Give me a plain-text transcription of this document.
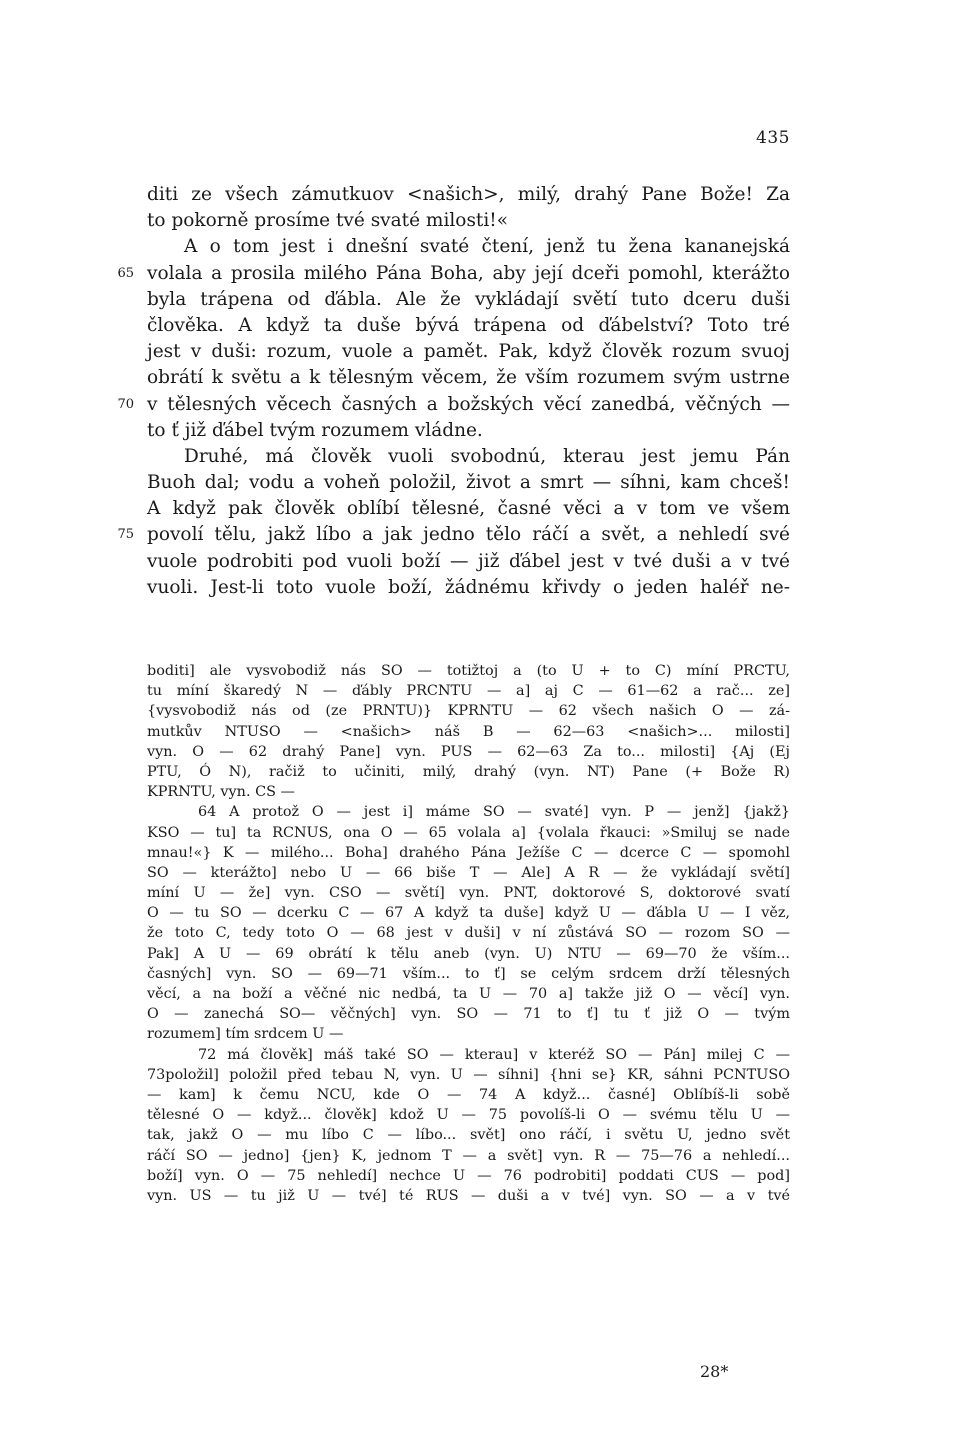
435
diti ze všech zámutkuov <našich>, milý, drahý Pane Bože! Za
to pokorně prosíme tvé svaté milosti!«
A o tom jest i dnešní svaté čtení, jenž tu žena kananejská
volala a prosila milého Pána Boha, aby její dceři pomohl, kterážto
65
byla trápena od ďábla. Ale že vykládají světí tuto dceru duši
člověka. A když ta duše bývá trápena od ďábelství? Toto tré
jest v duši: rozum, vuole a pamět. Pak, když člověk rozum svuoj
obrátí k světu a k tělesným věcem, že vším rozumem svým ustrne
v tělesných věcech časných a božských věcí zanedbá, věčných —
70
to ť již ďábel tvým rozumem vládne.
Druhé, má člověk vuoli svobodnú, kterau jest jemu Pán
Buoh dal; vodu a voheň položil, život a smrt — síhni, kam chceš!
A když pak člověk oblíbí tělesné, časné věci a v tom ve všem
povolí tělu, jakž líbo a jak jedno tělo ráčí a svět, a nehledí své
75
vuole podrobiti pod vuoli boží — již ďábel jest v tvé duši a v tvé
vuoli. Jest-li toto vuole boží, žádnému křivdy o jeden haléř ne-
boditi] ale vysvobodiž nás SO — totižtoj a (to U + to C) míní PRCTU,
tu míní škaredý N — ďábly PRCNTU — a] aj C — 61—62 a rač... ze]
{vysvobodiž nás od (ze PRNTU)} KPRNTU — 62 všech našich O — zá-
mutkův NTUSO — <našich> náš B — 62—63 <našich>... milosti]
vyn. O — 62 drahý Pane] vyn. PUS — 62—63 Za to... milosti] {Aj (Ej
PTU, Ó N), račiž to učiniti, milý, drahý (vyn. NT) Pane (+ Bože R)
KPRNTU, vyn. CS —
64 A protož O — jest i] máme SO — svaté] vyn. P — jenž] {jakž}
KSO — tu] ta RCNUS, ona O — 65 volala a] {volala řkauci: »Smiluj se nade
mnau!«} K — milého... Boha] drahého Pána Ježíše C — dcerce C — spomohl
SO — kterážto] nebo U — 66 biše T — Ale] A R — že vykládají světí]
míní U — že] vyn. CSO — světí] vyn. PNT, doktorové S, doktorové svatí
O — tu SO — dcerku C — 67 A když ta duše] když U — ďábla U — I věz,
že toto C, tedy toto O — 68 jest v duši] v ní zůstává SO — rozom SO —
Pak] A U — 69 obrátí k tělu aneb (vyn. U) NTU — 69—70 že vším...
časných] vyn. SO — 69—71 vším... to ť] se celým srdcem drží tělesných
věcí, a na boží a věčné nic nedbá, ta U — 70 a] takže již O — věcí] vyn.
O — zanechá SO— věčných] vyn. SO — 71 to ť] tu ť již O — tvým
rozumem] tím srdcem U —
72 má člověk] máš také SO — kterau] v kteréž SO — Pán] milej C —
73položil] položil před tebau N, vyn. U — síhni] {hni se} KR, sáhni PCNTUSO
— kam] k čemu NCU, kde O — 74 A když... časné] Oblíbíš-li sobě
tělesné O — když... člověk] kdož U — 75 povolíš-li O — svému tělu U —
tak, jakž O — mu líbo C — líbo... svět] ono ráčí, i světu U, jedno svět
ráčí SO — jedno] {jen} K, jednom T — a svět] vyn. R — 75—76 a nehledí...
boží] vyn. O — 75 nehledí] nechce U — 76 podrobiti] poddati CUS — pod]
vyn. US — tu již U — tvé] té RUS — duši a v tvé] vyn. SO — a v tvé
28*
